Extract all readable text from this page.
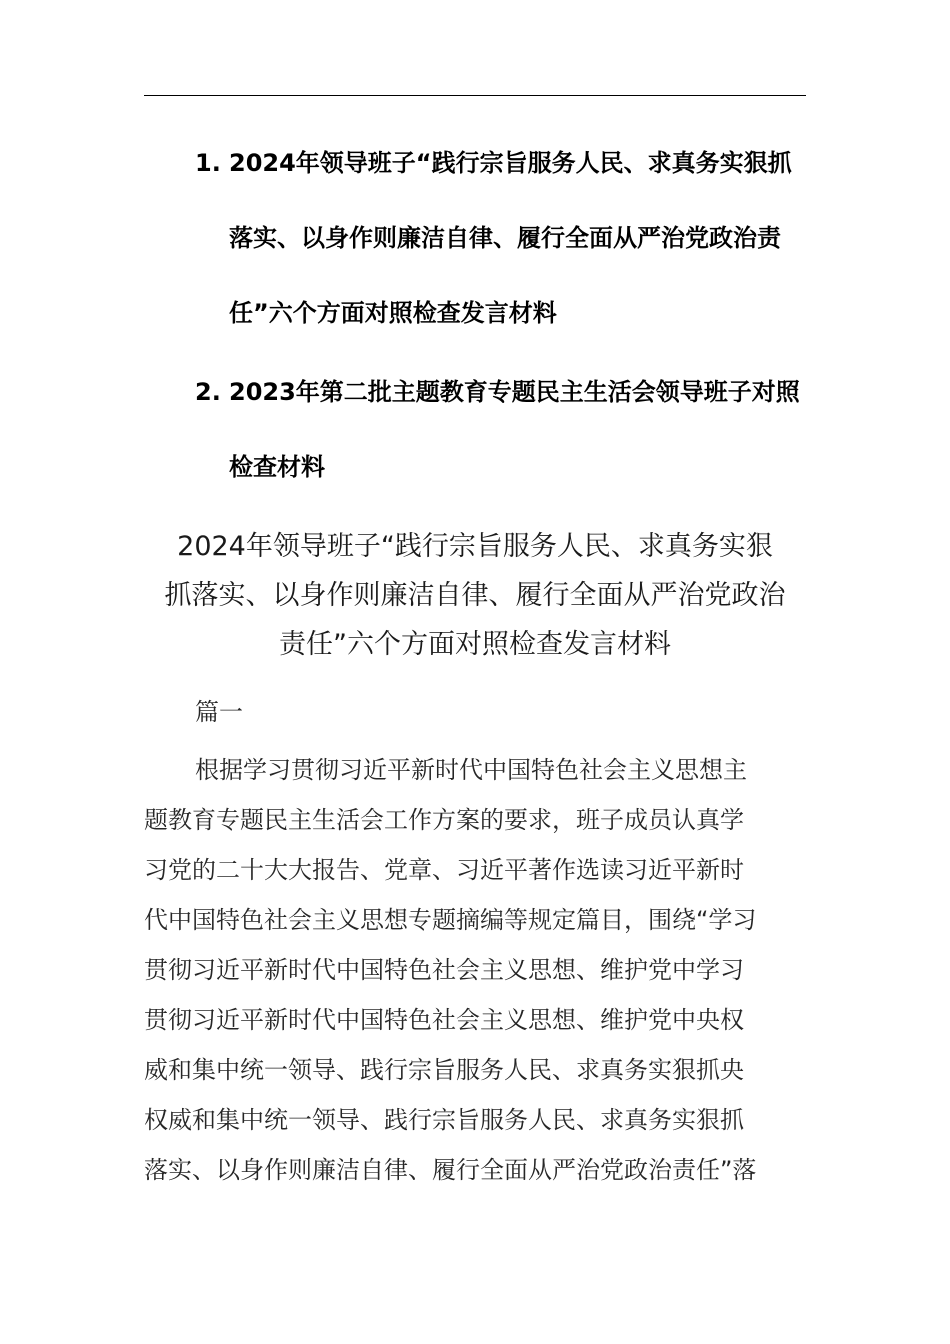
1. 2024年领导班子“践行宗旨服务人民、求真务实狠抓落实、以身作则廉洁自律、履行全面从严治党政治责任”六个方面对照检查发言材料
2. 2023年第二批主题教育专题民主生活会领导班子对照检查材料
2024年领导班子“践行宗旨服务人民、求真务实狠
抓落实、以身作则廉洁自律、履行全面从严治党政治
责任”六个方面对照检查发言材料
篇一
根据学习贯彻习近平新时代中国特色社会主义思想主
题教育专题民主生活会工作方案的要求，班子成员认真学
习党的二十大大报告、党章、习近平著作选读习近平新时
代中国特色社会主义思想专题摘编等规定篇目，围绕“学习
贯彻习近平新时代中国特色社会主义思想、维护党中学习
贯彻习近平新时代中国特色社会主义思想、维护党中央权
威和集中统一领导、践行宗旨服务人民、求真务实狠抓央
权威和集中统一领导、践行宗旨服务人民、求真务实狠抓
落实、以身作则廉洁自律、履行全面从严治党政治责任”落
